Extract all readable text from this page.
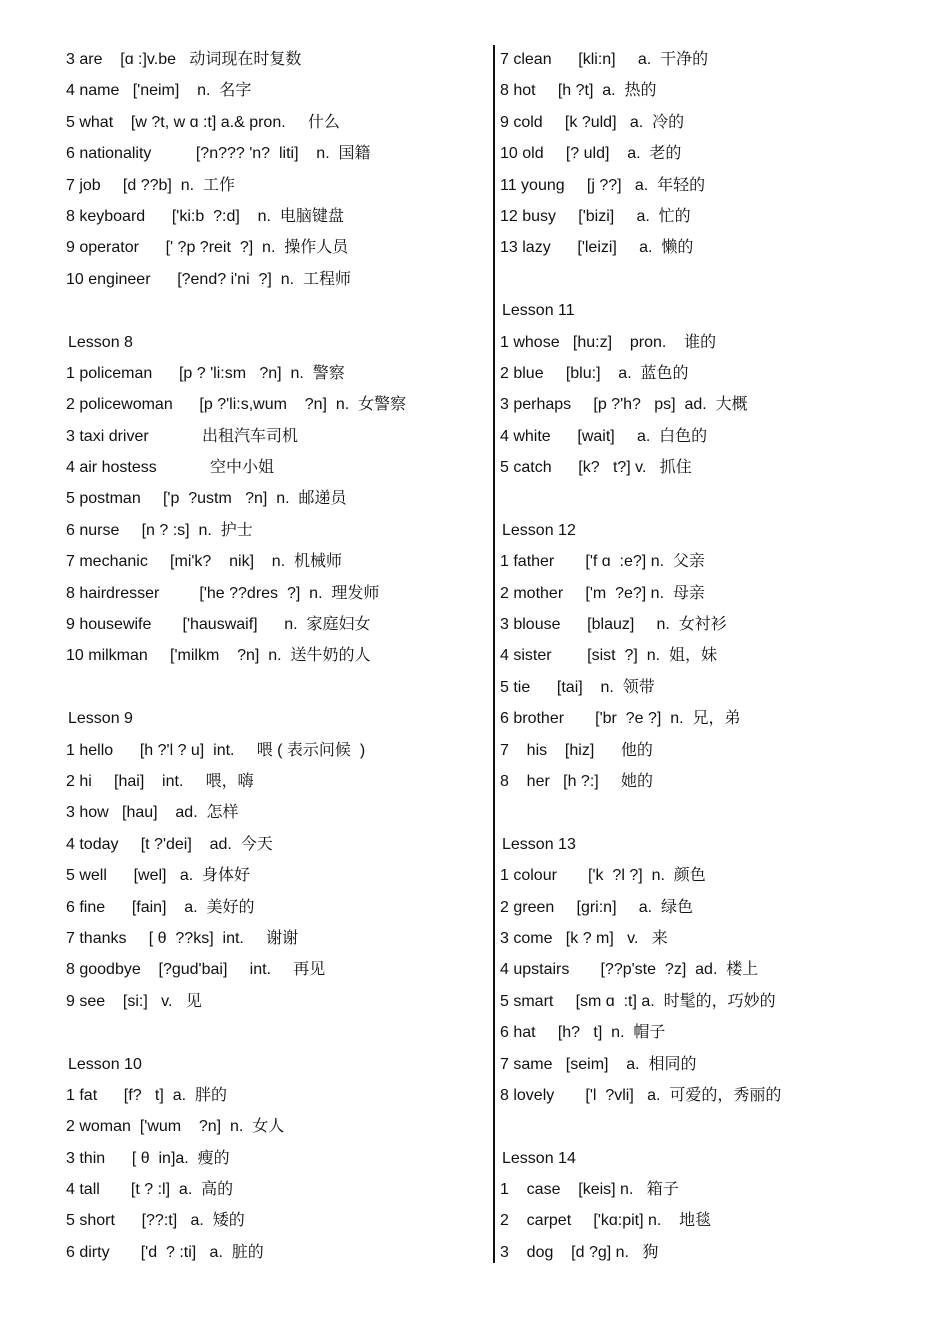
3 are    [ɑ :]v.be   动词现在时复数
4 name   ['neim]    n.  名字
5 what    [w ?t, w ɑ :t] a.& pron.     什么
6 nationality          [?n??? 'n?  liti]    n.  国籍
7 job     [d ??b]  n.  工作
8 keyboard      ['ki:b  ?:d]    n.  电脑键盘
9 operator      [' ?p ?reit  ?]  n.  操作人员
10 engineer      [?end? i'ni  ?]  n.  工程师
Lesson 8
1 policeman      [p ? 'li:sm   ?n]  n.  警察
2 policewoman      [p ?'li:s,wum    ?n]  n.  女警察
3 taxi driver            出租汽车司机
4 air hostess            空中小姐
5 postman     ['p  ?ustm   ?n]  n.  邮递员
6 nurse     [n ? :s]  n.  护士
7 mechanic     [mi'k?    nik]    n.  机械师
8 hairdresser         ['he ??dres  ?]  n.  理发师
9 housewife       ['hauswaif]      n.  家庭妇女
10 milkman     ['milkm    ?n]  n.  送牛奶的人
Lesson 9
1 hello      [h ?'l ? u]  int.     喂 ( 表示问候  )
2 hi     [hai]    int.     喂，嗨
3 how   [hau]    ad.  怎样
4 today     [t ?'dei]    ad.  今天
5 well      [wel]   a.  身体好
6 fine      [fain]    a.  美好的
7 thanks     [ θ  ??ks]  int.     谢谢
8 goodbye    [?gud'bai]     int.     再见
9 see    [si:]   v.   见
Lesson 10
1 fat      [f?   t]  a.  胖的
2 woman  ['wum    ?n]  n.  女人
3 thin      [ θ  in]a.  瘦的
4 tall       [t ? :l]  a.  高的
5 short      [??:t]   a.  矮的
6 dirty       ['d  ? :ti]   a.  脏的
7 clean      [kli:n]     a.  干净的
8 hot     [h ?t]  a.  热的
9 cold     [k ?uld]   a.  冷的
10 old     [? uld]    a.  老的
11 young     [j ??]   a.  年轻的
12 busy     ['bizi]     a.  忙的
13 lazy      ['leizi]     a.  懒的
Lesson 11
1 whose   [hu:z]    pron.    谁的
2 blue     [blu:]    a.  蓝色的
3 perhaps     [p ?'h?   ps]  ad.  大概
4 white      [wait]     a.  白色的
5 catch      [k?   t?] v.   抓住
Lesson 12
1 father       ['f ɑ  :e?] n.  父亲
2 mother     ['m  ?e?] n.  母亲
3 blouse      [blauz]     n.  女衬衫
4 sister        [sist  ?]  n.  姐，妹
5 tie      [tai]    n.  领带
6 brother       ['br  ?e ?]  n.  兄，弟
7    his    [hiz]      他的
8    her   [h ?:]     她的
Lesson 13
1 colour       ['k  ?l ?]  n.  颜色
2 green     [gri:n]     a.  绿色
3 come   [k ? m]   v.   来
4 upstairs       [??p'ste  ?z]  ad.  楼上
5 smart     [sm ɑ  :t] a.  时髦的，巧妙的
6 hat     [h?   t]  n.  帽子
7 same   [seim]    a.  相同的
8 lovely       ['l  ?vli]   a.  可爱的，秀丽的
Lesson 14
1    case    [keis] n.   箱子
2    carpet     ['kɑ:pit] n.    地毯
3    dog    [d ?g] n.   狗
